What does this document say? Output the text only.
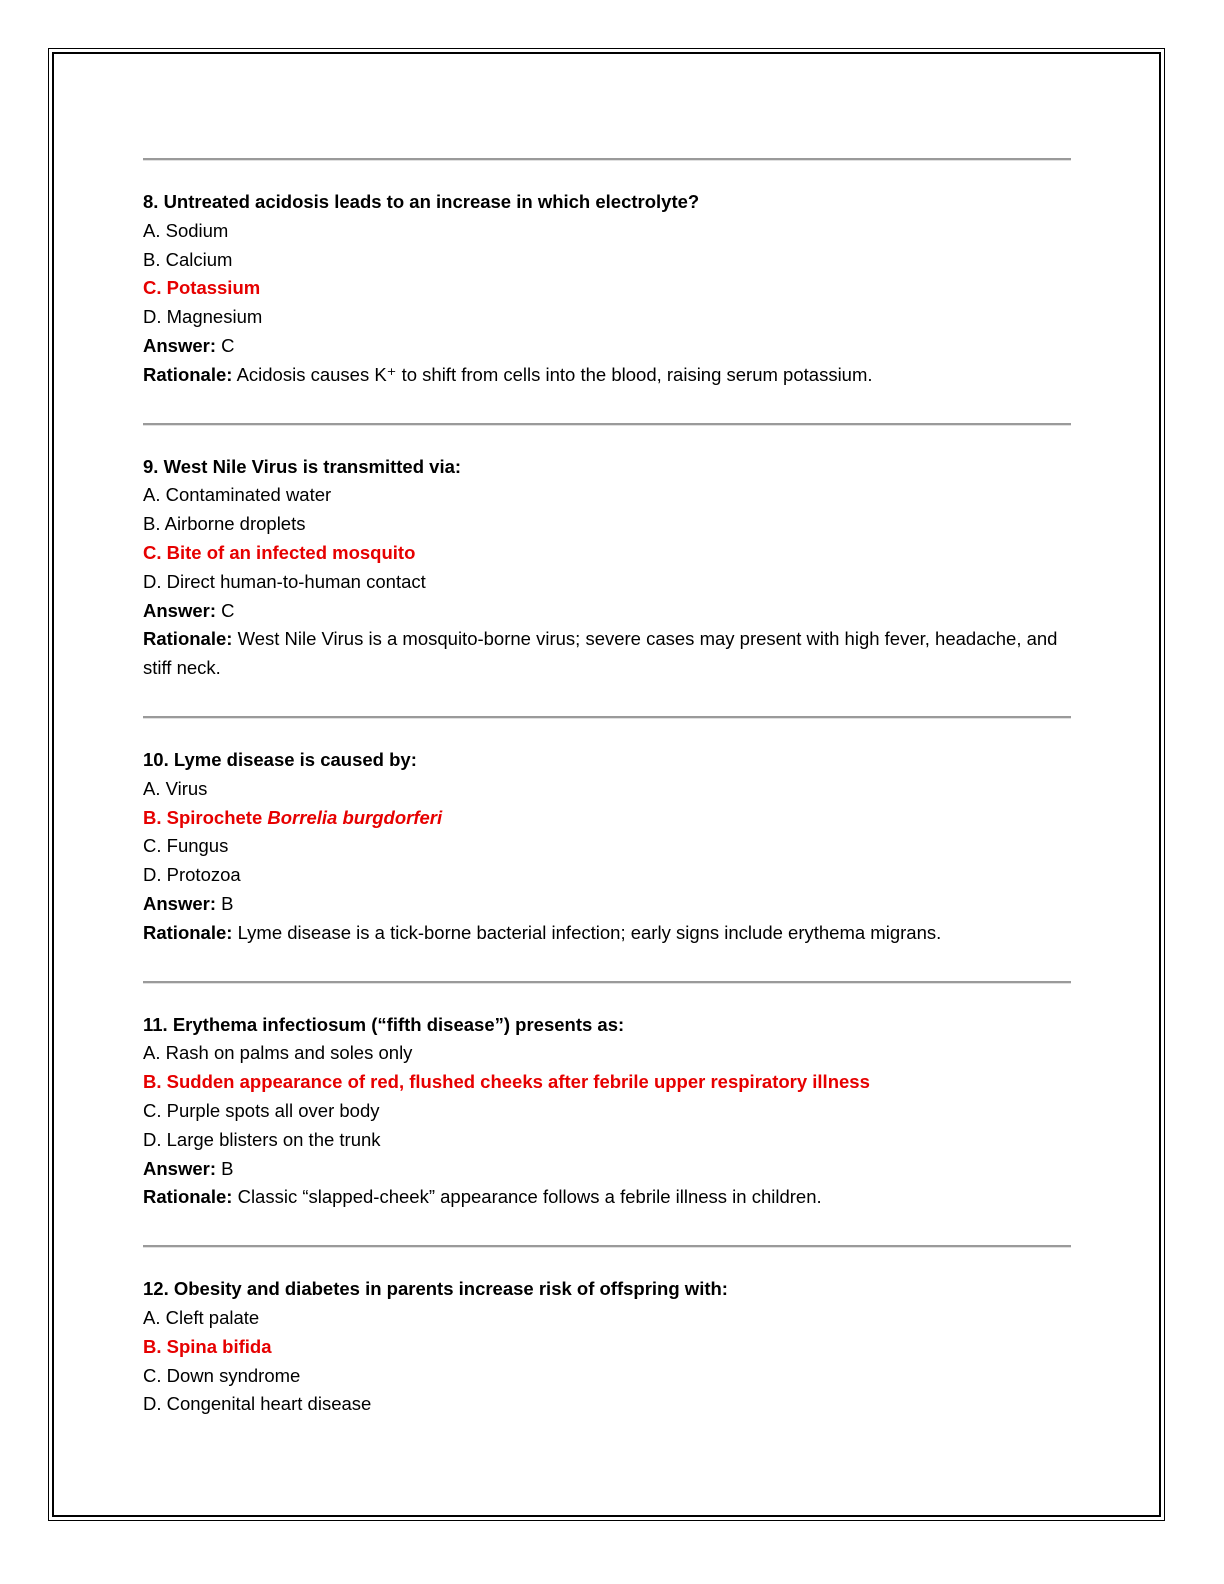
8. Untreated acidosis leads to an increase in which electrolyte?

A. Sodium

B. Calcium

C. Potassium

D. Magnesium

Answer: C

Rationale: Acidosis causes K⁺ to shift from cells into the blood, raising serum potassium.

9. West Nile Virus is transmitted via:

A. Contaminated water

B. Airborne droplets

C. Bite of an infected mosquito

D. Direct human-to-human contact

Answer: C

Rationale: West Nile Virus is a mosquito-borne virus; severe cases may present with high fever, headache, and stiff neck.

10. Lyme disease is caused by:

A. Virus

B. Spirochete Borrelia burgdorferi

C. Fungus

D. Protozoa

Answer: B

Rationale: Lyme disease is a tick-borne bacterial infection; early signs include erythema migrans.

11. Erythema infectiosum (“fifth disease”) presents as:

A. Rash on palms and soles only

B. Sudden appearance of red, flushed cheeks after febrile upper respiratory illness

C. Purple spots all over body

D. Large blisters on the trunk

Answer: B

Rationale: Classic “slapped-cheek” appearance follows a febrile illness in children.

12. Obesity and diabetes in parents increase risk of offspring with:

A. Cleft palate

B. Spina bifida

C. Down syndrome

D. Congenital heart disease
